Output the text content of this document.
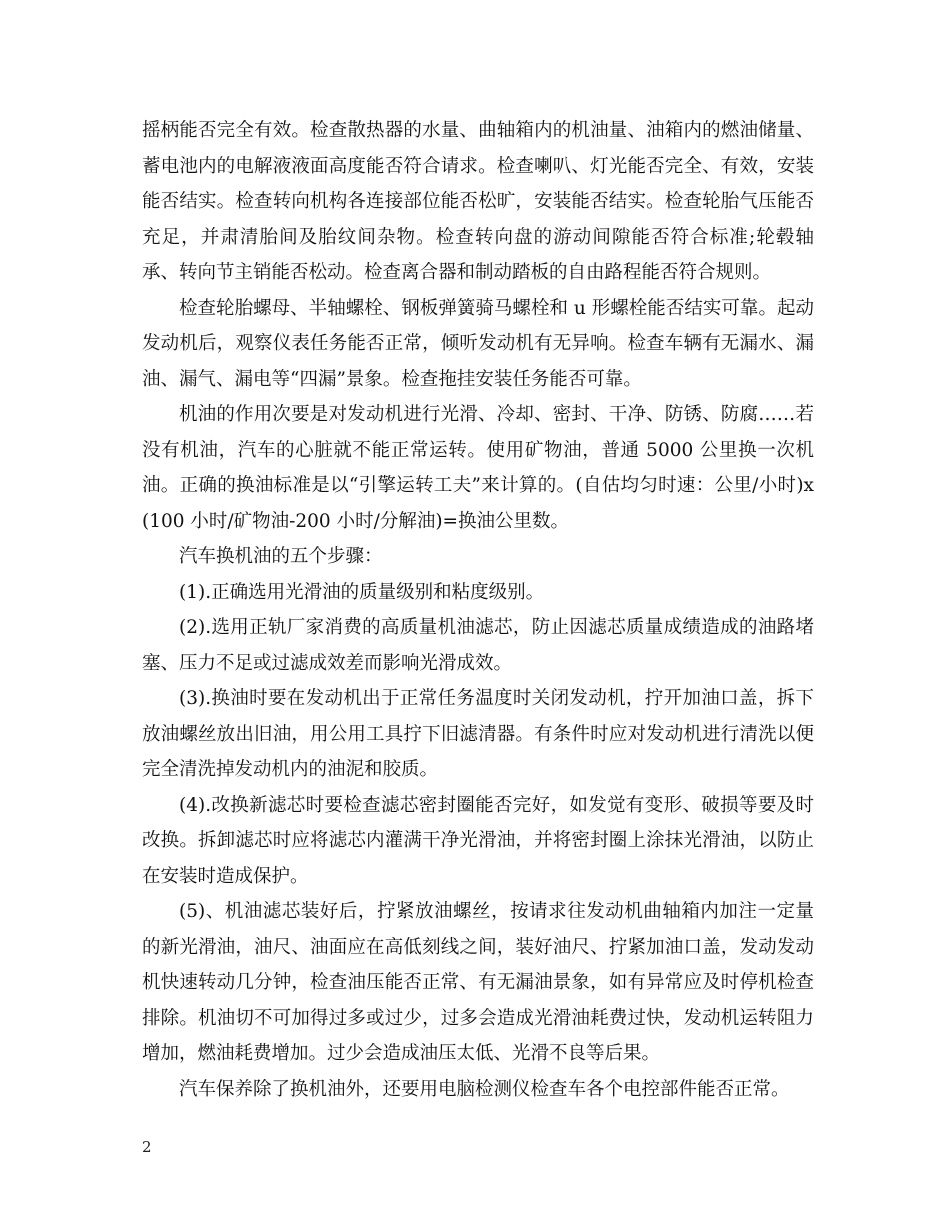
摇柄能否完全有效。检查散热器的水量、曲轴箱内的机油量、油箱内的燃油储量、蓄电池内的电解液液面高度能否符合请求。检查喇叭、灯光能否完全、有效，安装能否结实。检查转向机构各连接部位能否松旷，安装能否结实。检查轮胎气压能否充足，并肃清胎间及胎纹间杂物。检查转向盘的游动间隙能否符合标准;轮毂轴承、转向节主销能否松动。检查离合器和制动踏板的自由路程能否符合规则。

检查轮胎螺母、半轴螺栓、钢板弹簧骑马螺栓和 u 形螺栓能否结实可靠。起动发动机后，观察仪表任务能否正常，倾听发动机有无异响。检查车辆有无漏水、漏油、漏气、漏电等“四漏”景象。检查拖挂安装任务能否可靠。

机油的作用次要是对发动机进行光滑、冷却、密封、干净、防锈、防腐……若没有机油，汽车的心脏就不能正常运转。使用矿物油，普通 5000 公里换一次机油。正确的换油标准是以“引擎运转工夫”来计算的。(自估均匀时速：公里/小时)x(100 小时/矿物油-200 小时/分解油)=换油公里数。

汽车换机油的五个步骤：

(1).正确选用光滑油的质量级别和粘度级别。

(2).选用正轨厂家消费的高质量机油滤芯，防止因滤芯质量成绩造成的油路堵塞、压力不足或过滤成效差而影响光滑成效。

(3).换油时要在发动机出于正常任务温度时关闭发动机，拧开加油口盖，拆下放油螺丝放出旧油，用公用工具拧下旧滤清器。有条件时应对发动机进行清洗以便完全清洗掉发动机内的油泥和胶质。

(4).改换新滤芯时要检查滤芯密封圈能否完好，如发觉有变形、破损等要及时改换。拆卸滤芯时应将滤芯内灌满干净光滑油，并将密封圈上涂抹光滑油，以防止在安装时造成保护。

(5)、机油滤芯装好后，拧紧放油螺丝，按请求往发动机曲轴箱内加注一定量的新光滑油，油尺、油面应在高低刻线之间，装好油尺、拧紧加油口盖，发动发动机快速转动几分钟，检查油压能否正常、有无漏油景象，如有异常应及时停机检查排除。机油切不可加得过多或过少，过多会造成光滑油耗费过快，发动机运转阻力增加，燃油耗费增加。过少会造成油压太低、光滑不良等后果。

汽车保养除了换机油外，还要用电脑检测仪检查车各个电控部件能否正常。

2
